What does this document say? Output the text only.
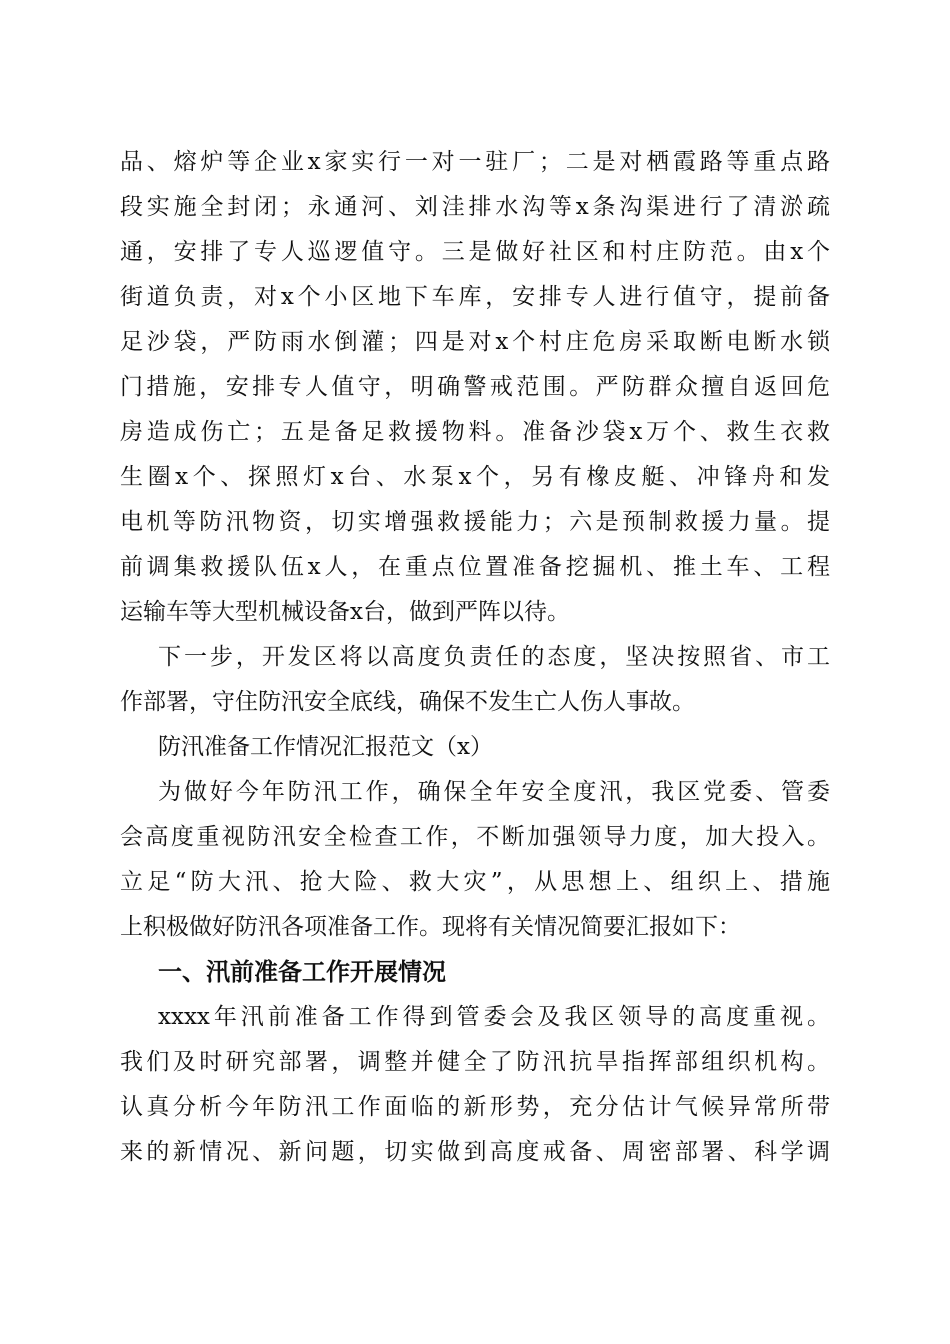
品、熔炉等企业x家实行一对一驻厂；二是对栖霞路等重点路
段实施全封闭；永通河、刘洼排水沟等x条沟渠进行了清淤疏
通，安排了专人巡逻值守。三是做好社区和村庄防范。由x个
街道负责，对x个小区地下车库，安排专人进行值守，提前备
足沙袋，严防雨水倒灌；四是对x个村庄危房采取断电断水锁
门措施，安排专人值守，明确警戒范围。严防群众擅自返回危
房造成伤亡；五是备足救援物料。准备沙袋x万个、救生衣救
生圈x个、探照灯x台、水泵x个，另有橡皮艇、冲锋舟和发
电机等防汛物资，切实增强救援能力；六是预制救援力量。提
前调集救援队伍x人，在重点位置准备挖掘机、推土车、工程
运输车等大型机械设备x台，做到严阵以待。
下一步，开发区将以高度负责任的态度，坚决按照省、市工
作部署，守住防汛安全底线，确保不发生亡人伤人事故。
防汛准备工作情况汇报范文（x）
为做好今年防汛工作，确保全年安全度汛，我区党委、管委
会高度重视防汛安全检查工作，不断加强领导力度，加大投入。
立足“防大汛、抢大险、救大灾”，从思想上、组织上、措施
上积极做好防汛各项准备工作。现将有关情况简要汇报如下：
一、汛前准备工作开展情况
xxxx年汛前准备工作得到管委会及我区领导的高度重视。
我们及时研究部署，调整并健全了防汛抗旱指挥部组织机构。
认真分析今年防汛工作面临的新形势，充分估计气候异常所带
来的新情况、新问题，切实做到高度戒备、周密部署、科学调
